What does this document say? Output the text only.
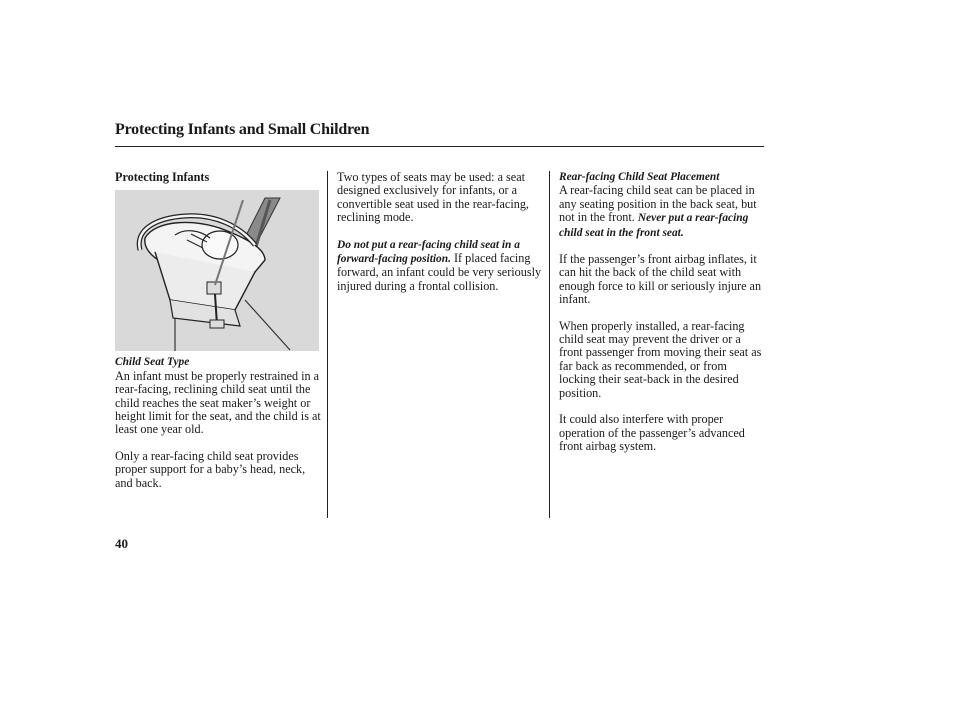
Protecting Infants and Small Children
Protecting Infants
Child Seat Type

An infant must be properly restrained in a rear-facing, reclining child seat until the child reaches the seat maker’s weight or height limit for the seat, and the child is at least one year old.

Only a rear-facing child seat provides proper support for a baby’s head, neck, and back.

Two types of seats may be used: a seat designed exclusively for infants, or a convertible seat used in the rear-facing, reclining mode.

Do not put a rear-facing child seat in a forward-facing position. If placed facing forward, an infant could be very seriously injured during a frontal collision.

Rear-facing Child Seat Placement

A rear-facing child seat can be placed in any seating position in the back seat, but not in the front. Never put a rear-facing child seat in the front seat.

If the passenger’s front airbag inflates, it can hit the back of the child seat with enough force to kill or seriously injure an infant.

When properly installed, a rear-facing child seat may prevent the driver or a front passenger from moving their seat as far back as recommended, or from locking their seat-back in the desired position.

It could also interfere with proper operation of the passenger’s advanced front airbag system.

40
